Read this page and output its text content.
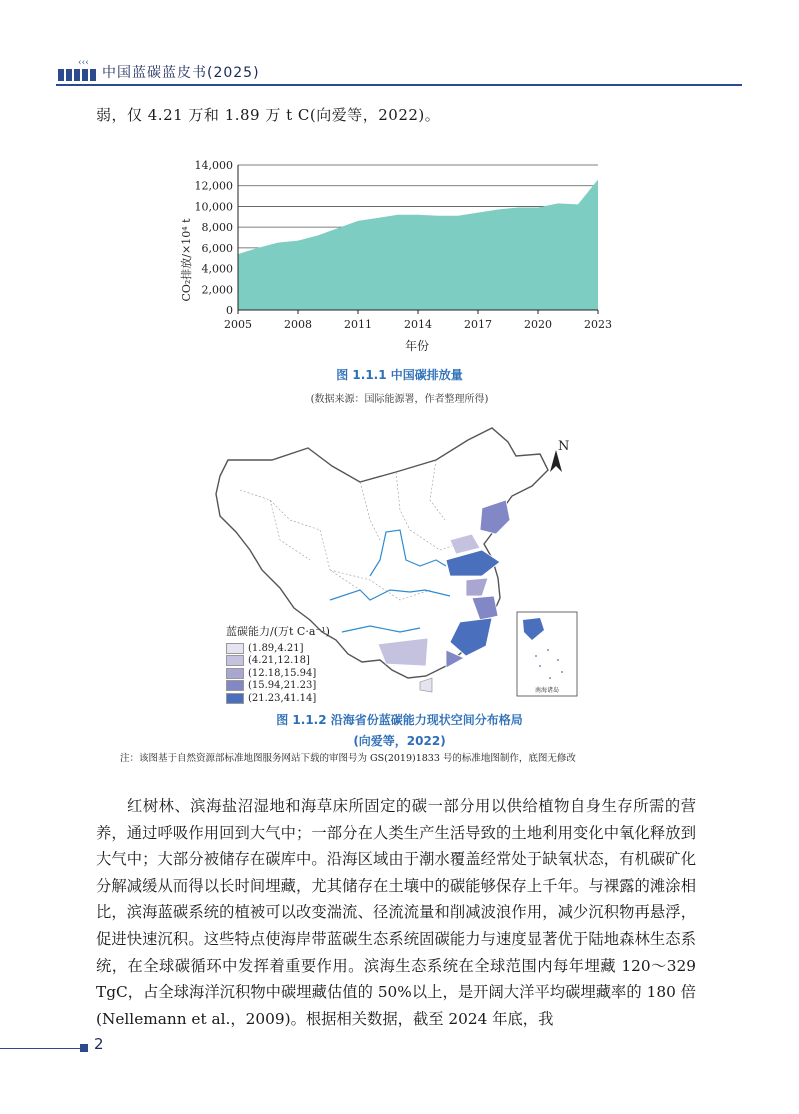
‹‹‹
中国蓝碳蓝皮书(2025)
弱，仅 4.21 万和 1.89 万 t C(向爱等，2022)。
0
2,000
4,000
6,000
8,000
10,000
12,000
14,000
2005	2008	2011	2014	2017	2020	2023
CO₂排放/×10⁴ t
年份
图 1.1.1 中国碳排放量
(数据来源：国际能源署，作者整理所得)
N
南海诸岛
蓝碳能力/(万t C·a⁻¹)
(1.89,4.21]
(4.21,12.18]
(12.18,15.94]
(15.94,21.23]
(21.23,41.14]
图 1.1.2 沿海省份蓝碳能力现状空间分布格局
(向爱等，2022)
注：该图基于自然资源部标准地图服务网站下载的审图号为 GS(2019)1833 号的标准地图制作，底图无修改
红树林、滨海盐沼湿地和海草床所固定的碳一部分用以供给植物自身生存所需的营养，通过呼吸作用回到大气中；一部分在人类生产生活导致的土地利用变化中氧化释放到大气中；大部分被储存在碳库中。沿海区域由于潮水覆盖经常处于缺氧状态，有机碳矿化分解减缓从而得以长时间埋藏，尤其储存在土壤中的碳能够保存上千年。与裸露的滩涂相比，滨海蓝碳系统的植被可以改变湍流、径流流量和削减波浪作用，减少沉积物再悬浮，促进快速沉积。这些特点使海岸带蓝碳生态系统固碳能力与速度显著优于陆地森林生态系统，在全球碳循环中发挥着重要作用。滨海生态系统在全球范围内每年埋藏 120～329 TgC，占全球海洋沉积物中碳埋藏估值的 50%以上，是开阔大洋平均碳埋藏率的 180 倍(Nellemann et al.，2009)。根据相关数据，截至 2024 年底，我
2
